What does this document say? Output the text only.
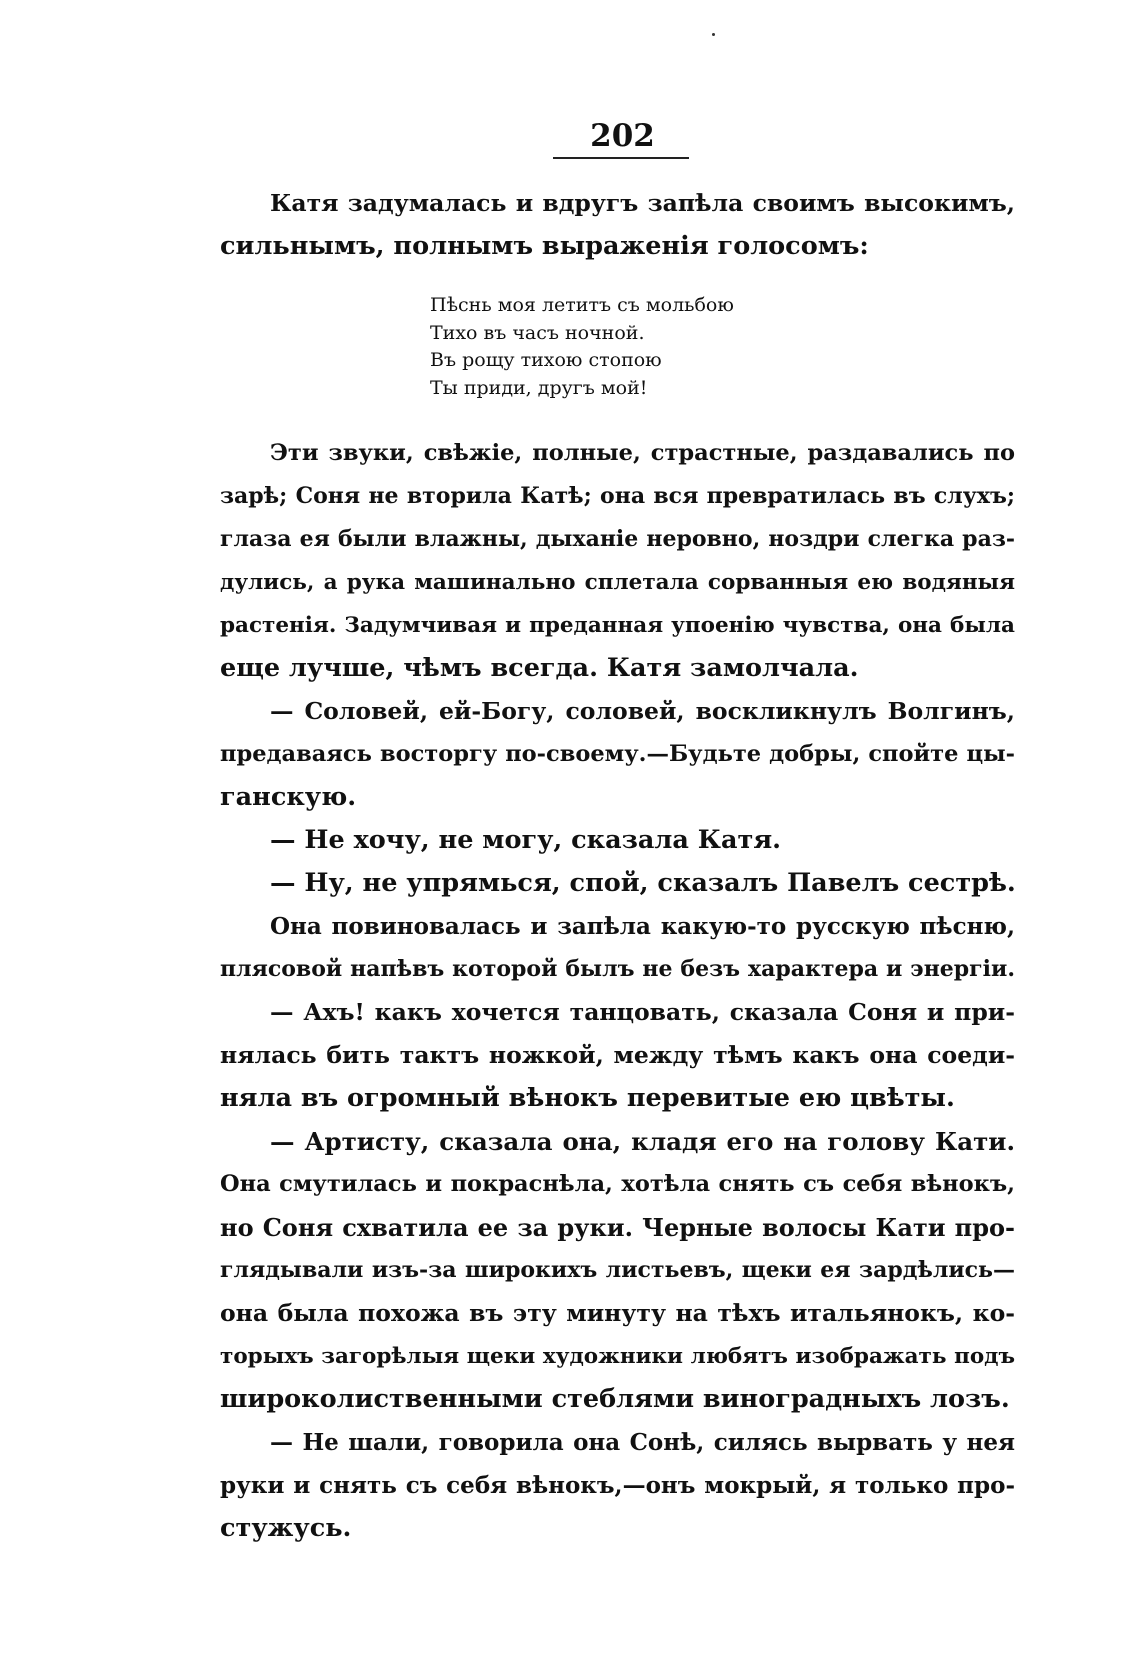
202
Катя задумалась и вдругъ запѣла своимъ высокимъ,
сильнымъ, полнымъ выраженія голосомъ:
Пѣснь моя летитъ съ мольбою
Тихо въ часъ ночной.
Въ рощу тихою стопою
Ты приди, другъ мой!
Эти звуки, свѣжіе, полные, страстные, раздавались по
зарѣ; Соня не вторила Катѣ; она вся превратилась въ слухъ;
глаза ея были влажны, дыханіе неровно, ноздри слегка раз-
дулись, а рука машинально сплетала сорванныя ею водяныя
растенія. Задумчивая и преданная упоенію чувства, она была
еще лучше, чѣмъ всегда. Катя замолчала.
— Соловей, ей-Богу, соловей, воскликнулъ Волгинъ,
предаваясь восторгу по-своему.—Будьте добры, спойте цы-
ганскую.
— Не хочу, не могу, сказала Катя.
— Ну, не упрямься, спой, сказалъ Павелъ сестрѣ.
Она повиновалась и запѣла какую-то русскую пѣсню,
плясовой напѣвъ которой былъ не безъ характера и энергіи.
— Ахъ! какъ хочется танцовать, сказала Соня и при-
нялась бить тактъ ножкой, между тѣмъ какъ она соеди-
няла въ огромный вѣнокъ перевитые ею цвѣты.
— Артисту, сказала она, кладя его на голову Кати.
Она смутилась и покраснѣла, хотѣла снять съ себя вѣнокъ,
но Соня схватила ее за руки. Черные волосы Кати про-
глядывали изъ-за широкихъ листьевъ, щеки ея зардѣлись—
она была похожа въ эту минуту на тѣхъ итальянокъ, ко-
торыхъ загорѣлыя щеки художники любятъ изображать подъ
широколиственными стеблями виноградныхъ лозъ.
— Не шали, говорила она Сонѣ, силясь вырвать у нея
руки и снять съ себя вѣнокъ,—онъ мокрый, я только про-
стужусь.
